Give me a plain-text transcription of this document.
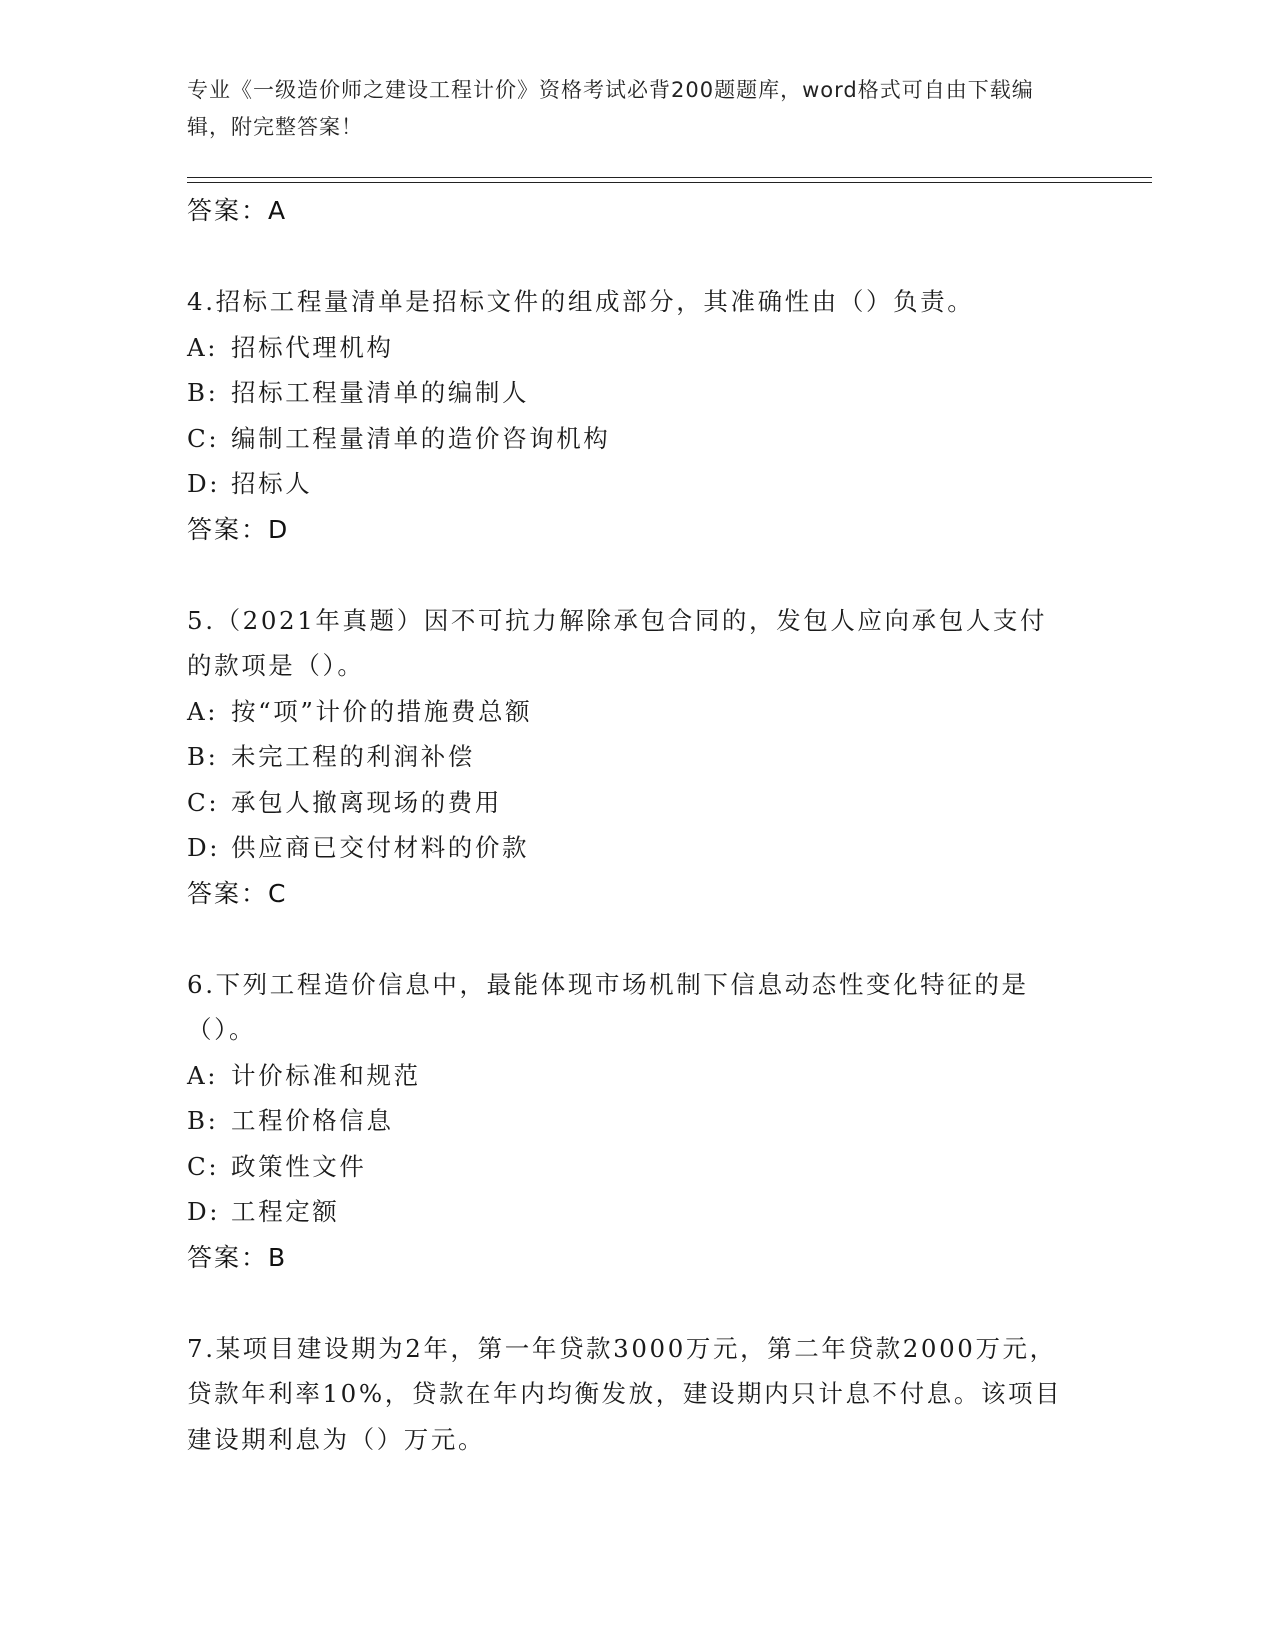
专业《一级造价师之建设工程计价》资格考试必背200题题库，word格式可自由下载编辑，附完整答案！
答案：A
4.招标工程量清单是招标文件的组成部分，其准确性由（）负责。
A: 招标代理机构
B: 招标工程量清单的编制人
C: 编制工程量清单的造价咨询机构
D: 招标人
答案：D
5.（2021年真题）因不可抗力解除承包合同的，发包人应向承包人支付的款项是（）。
A: 按“项”计价的措施费总额
B: 未完工程的利润补偿
C: 承包人撤离现场的费用
D: 供应商已交付材料的价款
答案：C
6.下列工程造价信息中，最能体现市场机制下信息动态性变化特征的是（）。
A: 计价标准和规范
B: 工程价格信息
C: 政策性文件
D: 工程定额
答案：B
7.某项目建设期为2年，第一年贷款3000万元，第二年贷款2000万元，贷款年利率10%，贷款在年内均衡发放，建设期内只计息不付息。该项目建设期利息为（）万元。
